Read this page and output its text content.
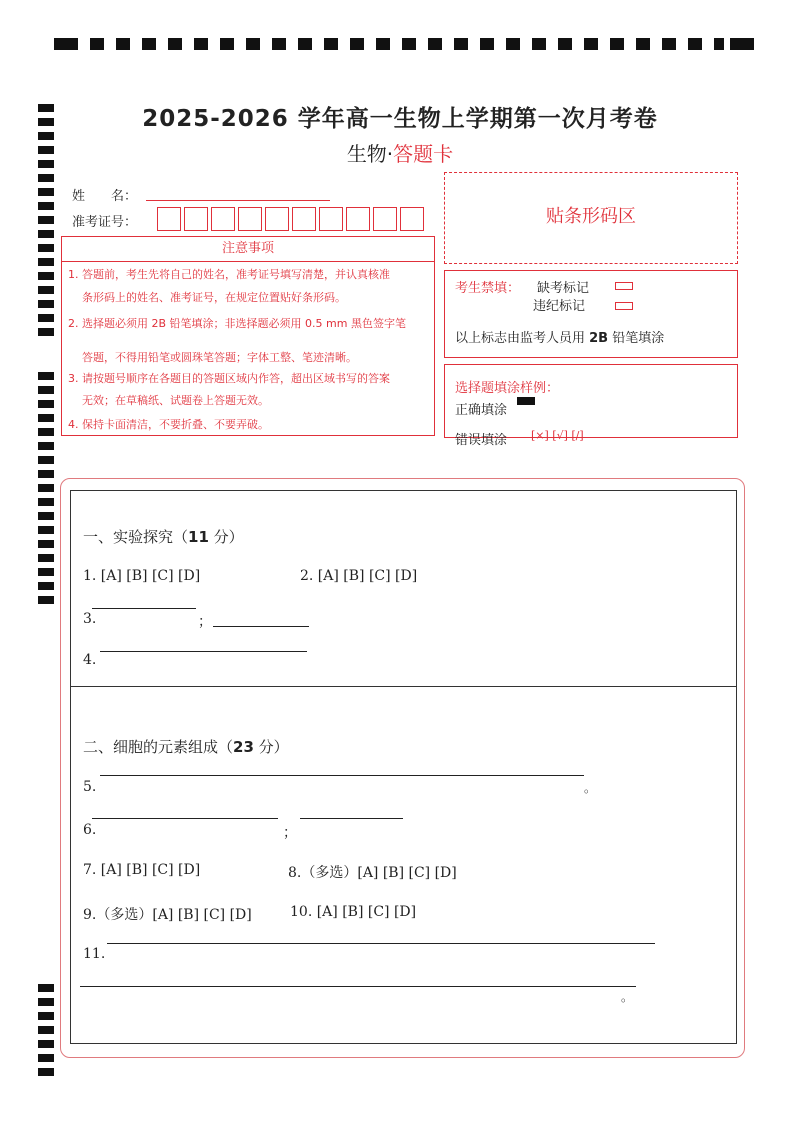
2025-2026 学年高一生物上学期第一次月考卷
生物·答题卡
姓　　名：
准考证号：
注意事项
1. 答题前，考生先将自己的姓名，准考证号填写清楚，并认真核准
条形码上的姓名、准考证号，在规定位置贴好条形码。
2. 选择题必须用 2B 铅笔填涂；非选择题必须用 0.5 mm 黑色签字笔
答题，不得用铅笔或圆珠笔答题；字体工整、笔迹清晰。
3. 请按题号顺序在各题目的答题区域内作答，超出区域书写的答案
无效；在草稿纸、试题卷上答题无效。
4. 保持卡面清洁，不要折叠、不要弄破。
贴条形码区
考生禁填： 缺考标记
违纪标记
以上标志由监考人员用 2B 铅笔填涂
选择题填涂样例：
正确填涂
错误填涂 [×] [√] [/]
一、实验探究（11 分）
1. [A] [B] [C] [D]	2. [A] [B] [C] [D]
3.	；
4.
二、细胞的元素组成（23 分）
5.	。
6.	；
7. [A] [B] [C] [D]	8.（多选）[A] [B] [C] [D]
9.（多选）[A] [B] [C] [D]	10. [A] [B] [C] [D]
11.
。
